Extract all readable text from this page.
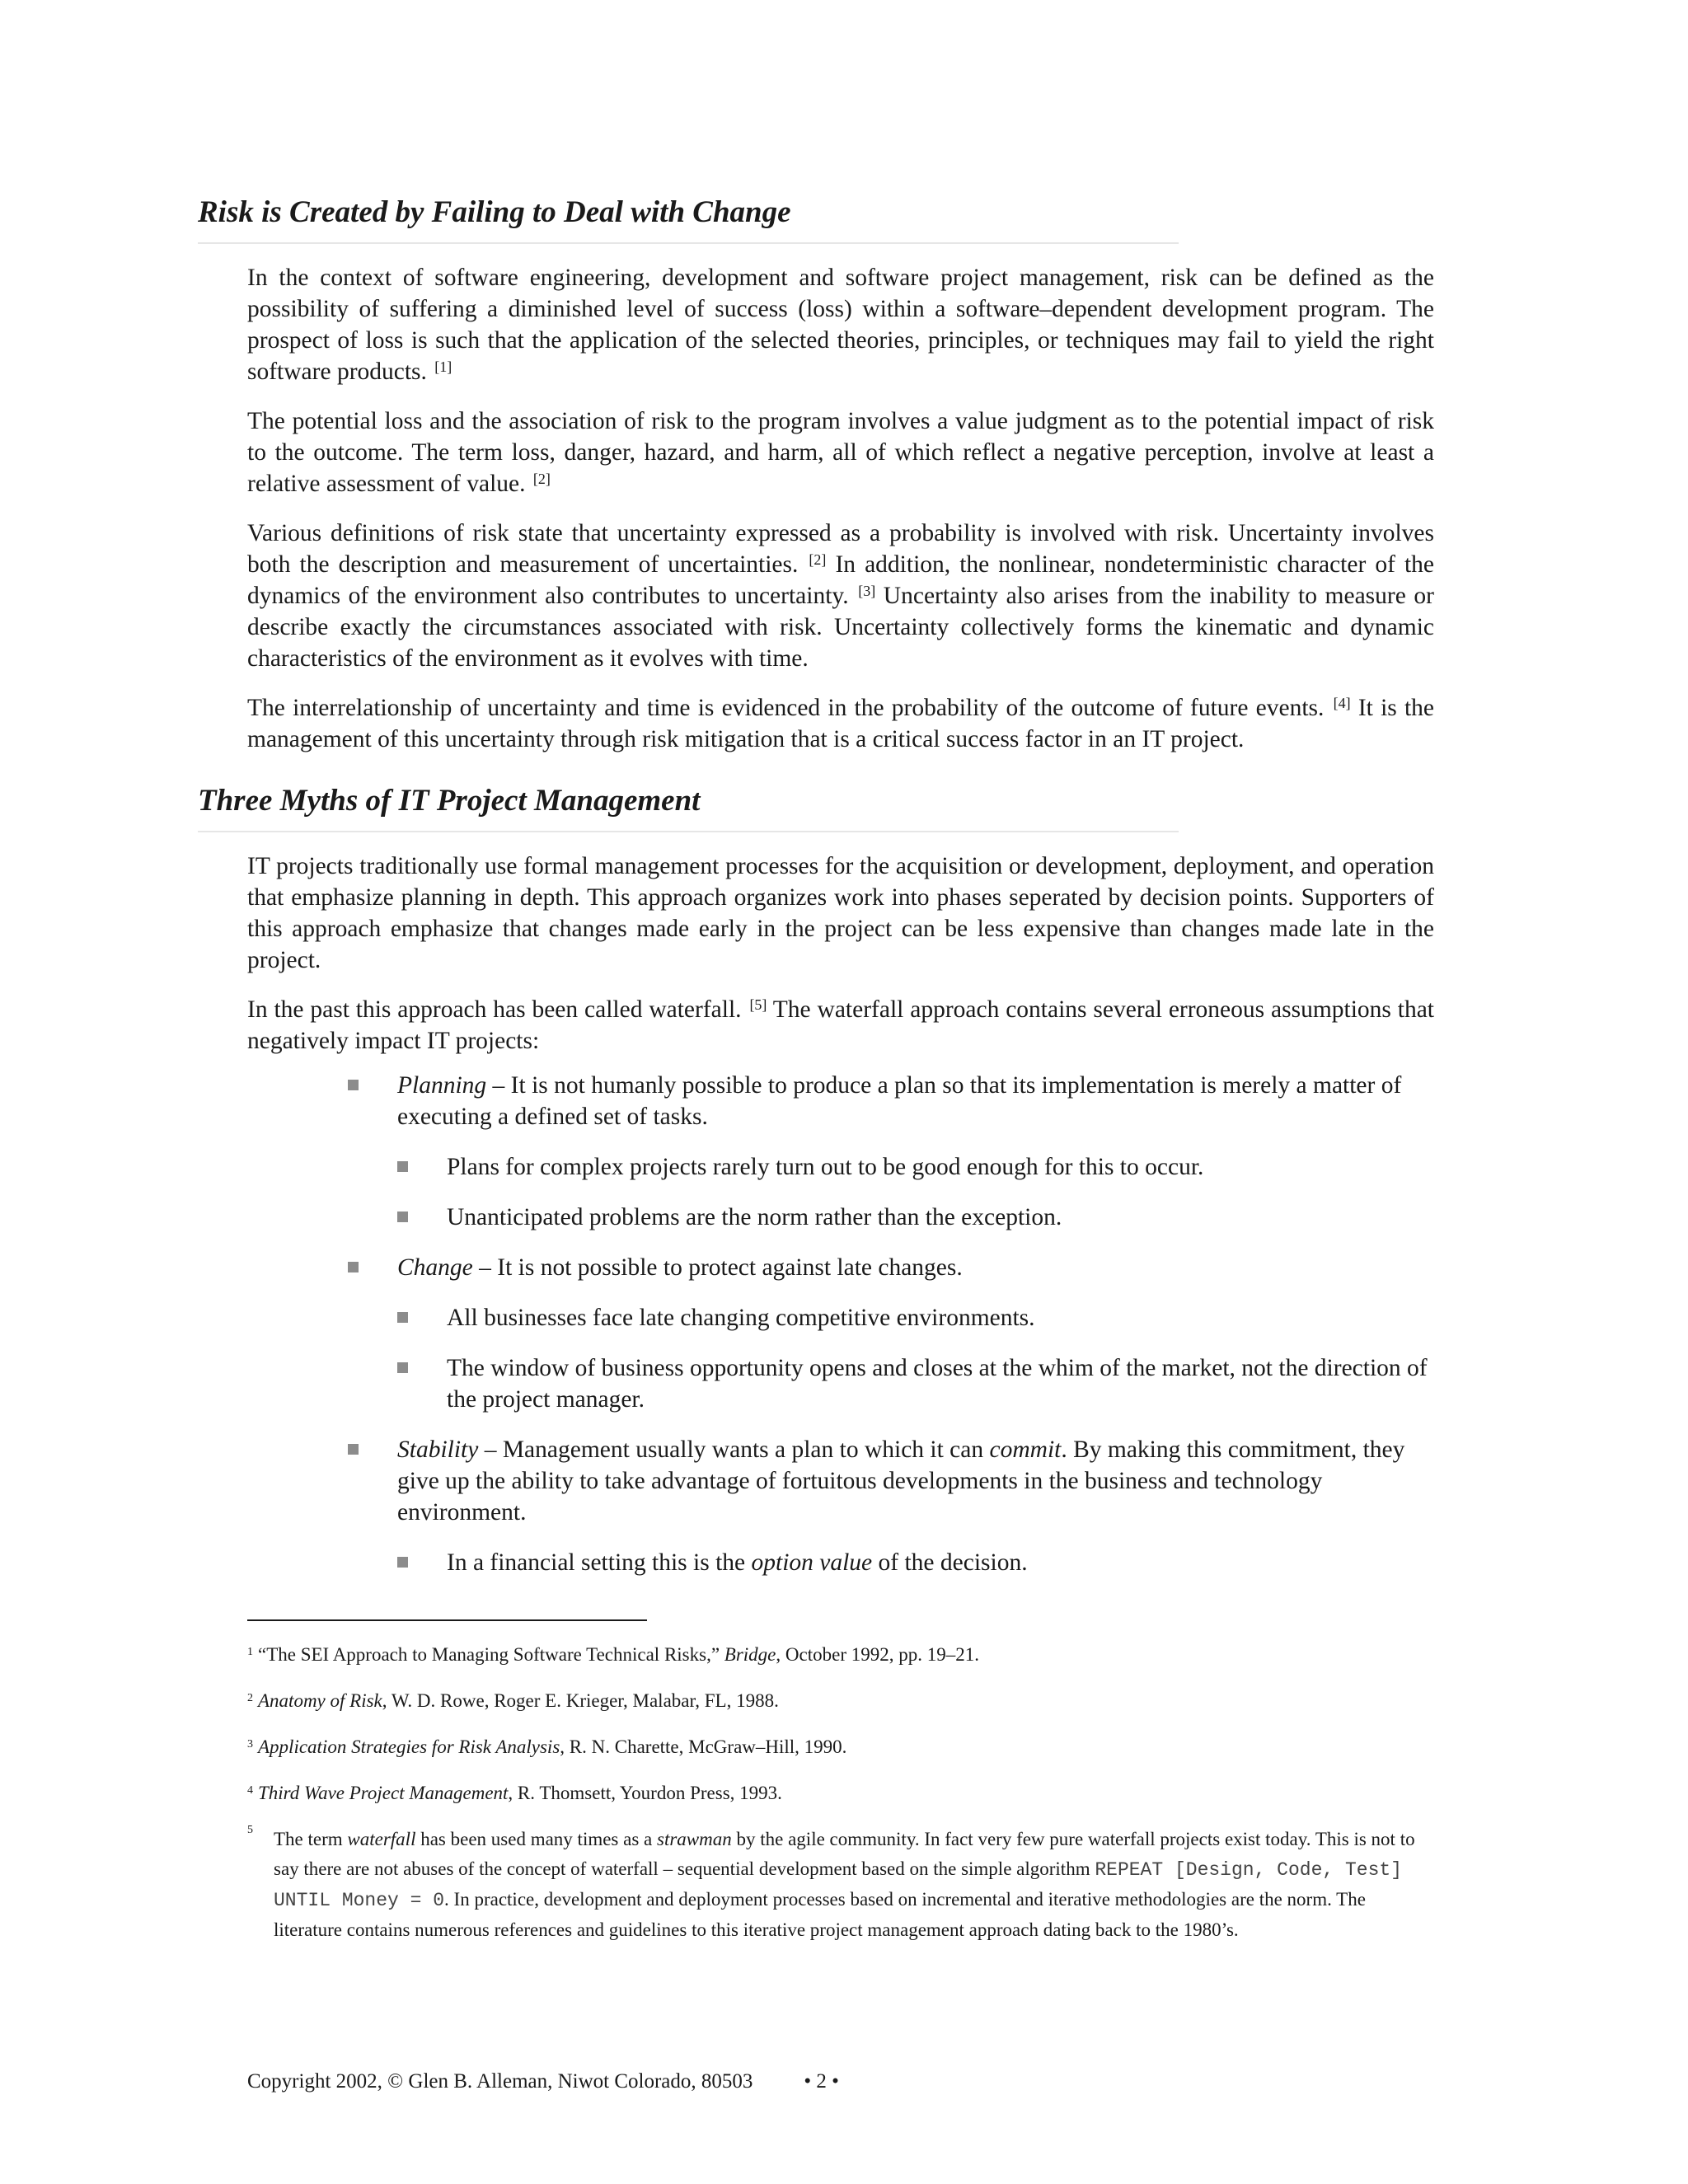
Risk is Created by Failing to Deal with Change

In the context of software engineering, development and software project management, risk can be defined as the possibility of suffering a diminished level of success (loss) within a software–dependent development program. The prospect of loss is such that the application of the selected theories, principles, or techniques may fail to yield the right software products. [1]

The potential loss and the association of risk to the program involves a value judgment as to the potential impact of risk to the outcome. The term loss, danger, hazard, and harm, all of which reflect a negative perception, involve at least a relative assessment of value. [2]

Various definitions of risk state that uncertainty expressed as a probability is involved with risk. Uncertainty involves both the description and measurement of uncertainties. [2] In addition, the nonlinear, nondeterministic character of the dynamics of the environment also contributes to uncertainty. [3] Uncertainty also arises from the inability to measure or describe exactly the circumstances associated with risk. Uncertainty collectively forms the kinematic and dynamic characteristics of the environment as it evolves with time.

The interrelationship of uncertainty and time is evidenced in the probability of the outcome of future events. [4] It is the management of this uncertainty through risk mitigation that is a critical success factor in an IT project.

Three Myths of IT Project Management

IT projects traditionally use formal management processes for the acquisition or development, deployment, and operation that emphasize planning in depth. This approach organizes work into phases seperated by decision points. Supporters of this approach emphasize that changes made early in the project can be less expensive than changes made late in the project.

In the past this approach has been called waterfall. [5] The waterfall approach contains several erroneous assumptions that negatively impact IT projects:

Planning – It is not humanly possible to produce a plan so that its implementation is merely a matter of executing a defined set of tasks.
Plans for complex projects rarely turn out to be good enough for this to occur.
Unanticipated problems are the norm rather than the exception.
Change – It is not possible to protect against late changes.
All businesses face late changing competitive environments.
The window of business opportunity opens and closes at the whim of the market, not the direction of the project manager.
Stability – Management usually wants a plan to which it can commit. By making this commitment, they give up the ability to take advantage of fortuitous developments in the business and technology environment.
In a financial setting this is the option value of the decision.
$^1$ “The SEI Approach to Managing Software Technical Risks,” Bridge, October 1992, pp. 19–21.
$^2$ Anatomy of Risk, W. D. Rowe, Roger E. Krieger, Malabar, FL, 1988.
$^3$ Application Strategies for Risk Analysis, R. N. Charette, McGraw–Hill, 1990.
$^4$ Third Wave Project Management, R. Thomsett, Yourdon Press, 1993.
5 The term waterfall has been used many times as a strawman by the agile community. In fact very few pure waterfall projects exist today. This is not to say there are not abuses of the concept of waterfall – sequential development based on the simple algorithm REPEAT [Design, Code, Test] UNTIL Money = 0. In practice, development and deployment processes based on incremental and iterative methodologies are the norm. The literature contains numerous references and guidelines to this iterative project management approach dating back to the 1980’s.
Copyright 2002, © Glen B. Alleman, Niwot Colorado, 80503 • 2 •
